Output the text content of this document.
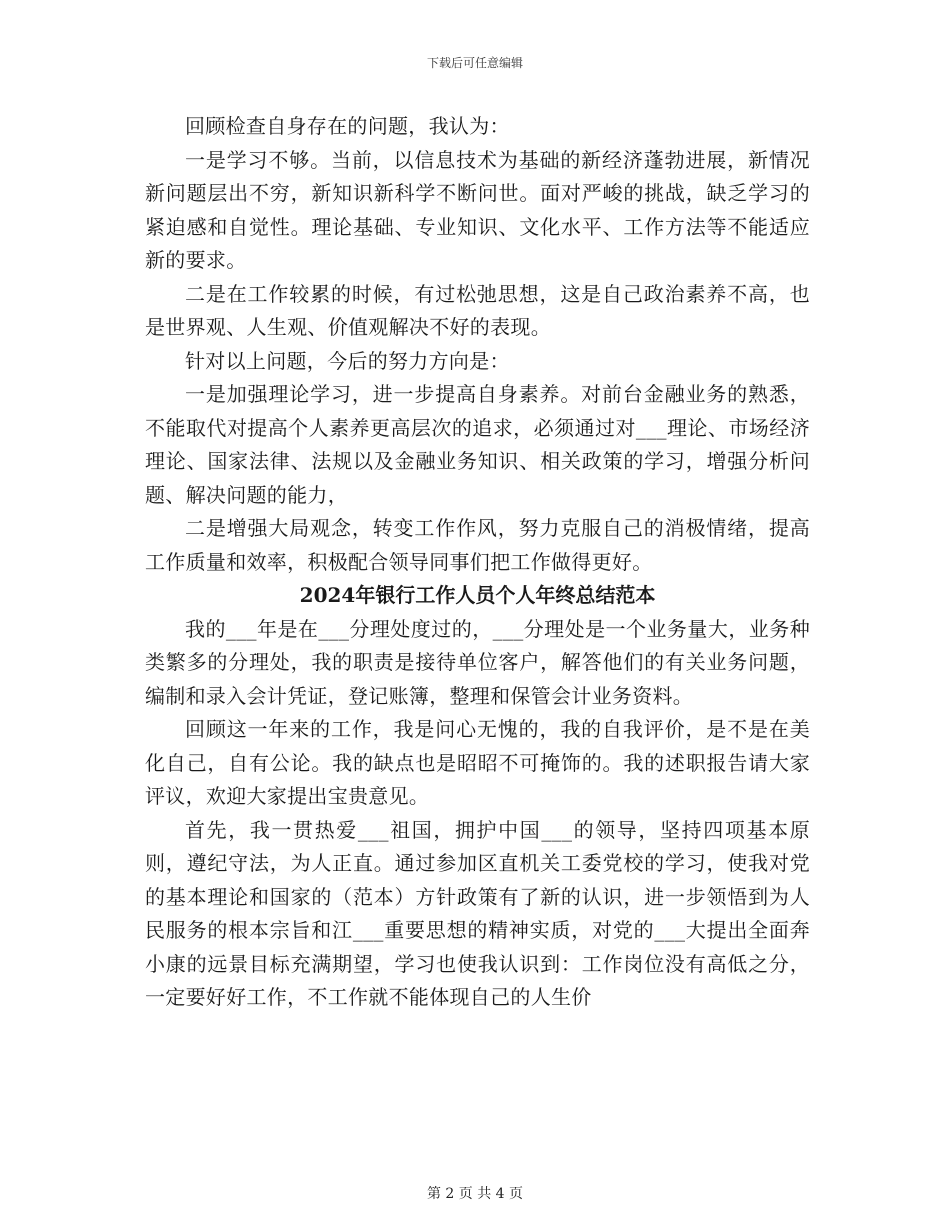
下载后可任意编辑

回顾检查自身存在的问题，我认为：

一是学习不够。当前，以信息技术为基础的新经济蓬勃进展，新情况新问题层出不穷，新知识新科学不断问世。面对严峻的挑战，缺乏学习的紧迫感和自觉性。理论基础、专业知识、文化水平、工作方法等不能适应新的要求。

二是在工作较累的时候，有过松弛思想，这是自己政治素养不高，也是世界观、人生观、价值观解决不好的表现。

针对以上问题，今后的努力方向是：

一是加强理论学习，进一步提高自身素养。对前台金融业务的熟悉，不能取代对提高个人素养更高层次的追求，必须通过对___理论、市场经济理论、国家法律、法规以及金融业务知识、相关政策的学习，增强分析问题、解决问题的能力，

二是增强大局观念，转变工作作风，努力克服自己的消极情绪，提高工作质量和效率，积极配合领导同事们把工作做得更好。

2024年银行工作人员个人年终总结范本

我的___年是在___分理处度过的，___分理处是一个业务量大，业务种类繁多的分理处，我的职责是接待单位客户，解答他们的有关业务问题，编制和录入会计凭证，登记账簿，整理和保管会计业务资料。

回顾这一年来的工作，我是问心无愧的，我的自我评价，是不是在美化自己，自有公论。我的缺点也是昭昭不可掩饰的。我的述职报告请大家评议，欢迎大家提出宝贵意见。

首先，我一贯热爱___祖国，拥护中国___的领导，坚持四项基本原则，遵纪守法，为人正直。通过参加区直机关工委党校的学习，使我对党的基本理论和国家的（范本）方针政策有了新的认识，进一步领悟到为人民服务的根本宗旨和江___重要思想的精神实质，对党的___大提出全面奔小康的远景目标充满期望，学习也使我认识到：工作岗位没有高低之分，一定要好好工作，不工作就不能体现自己的人生价

第 2 页 共 4 页
